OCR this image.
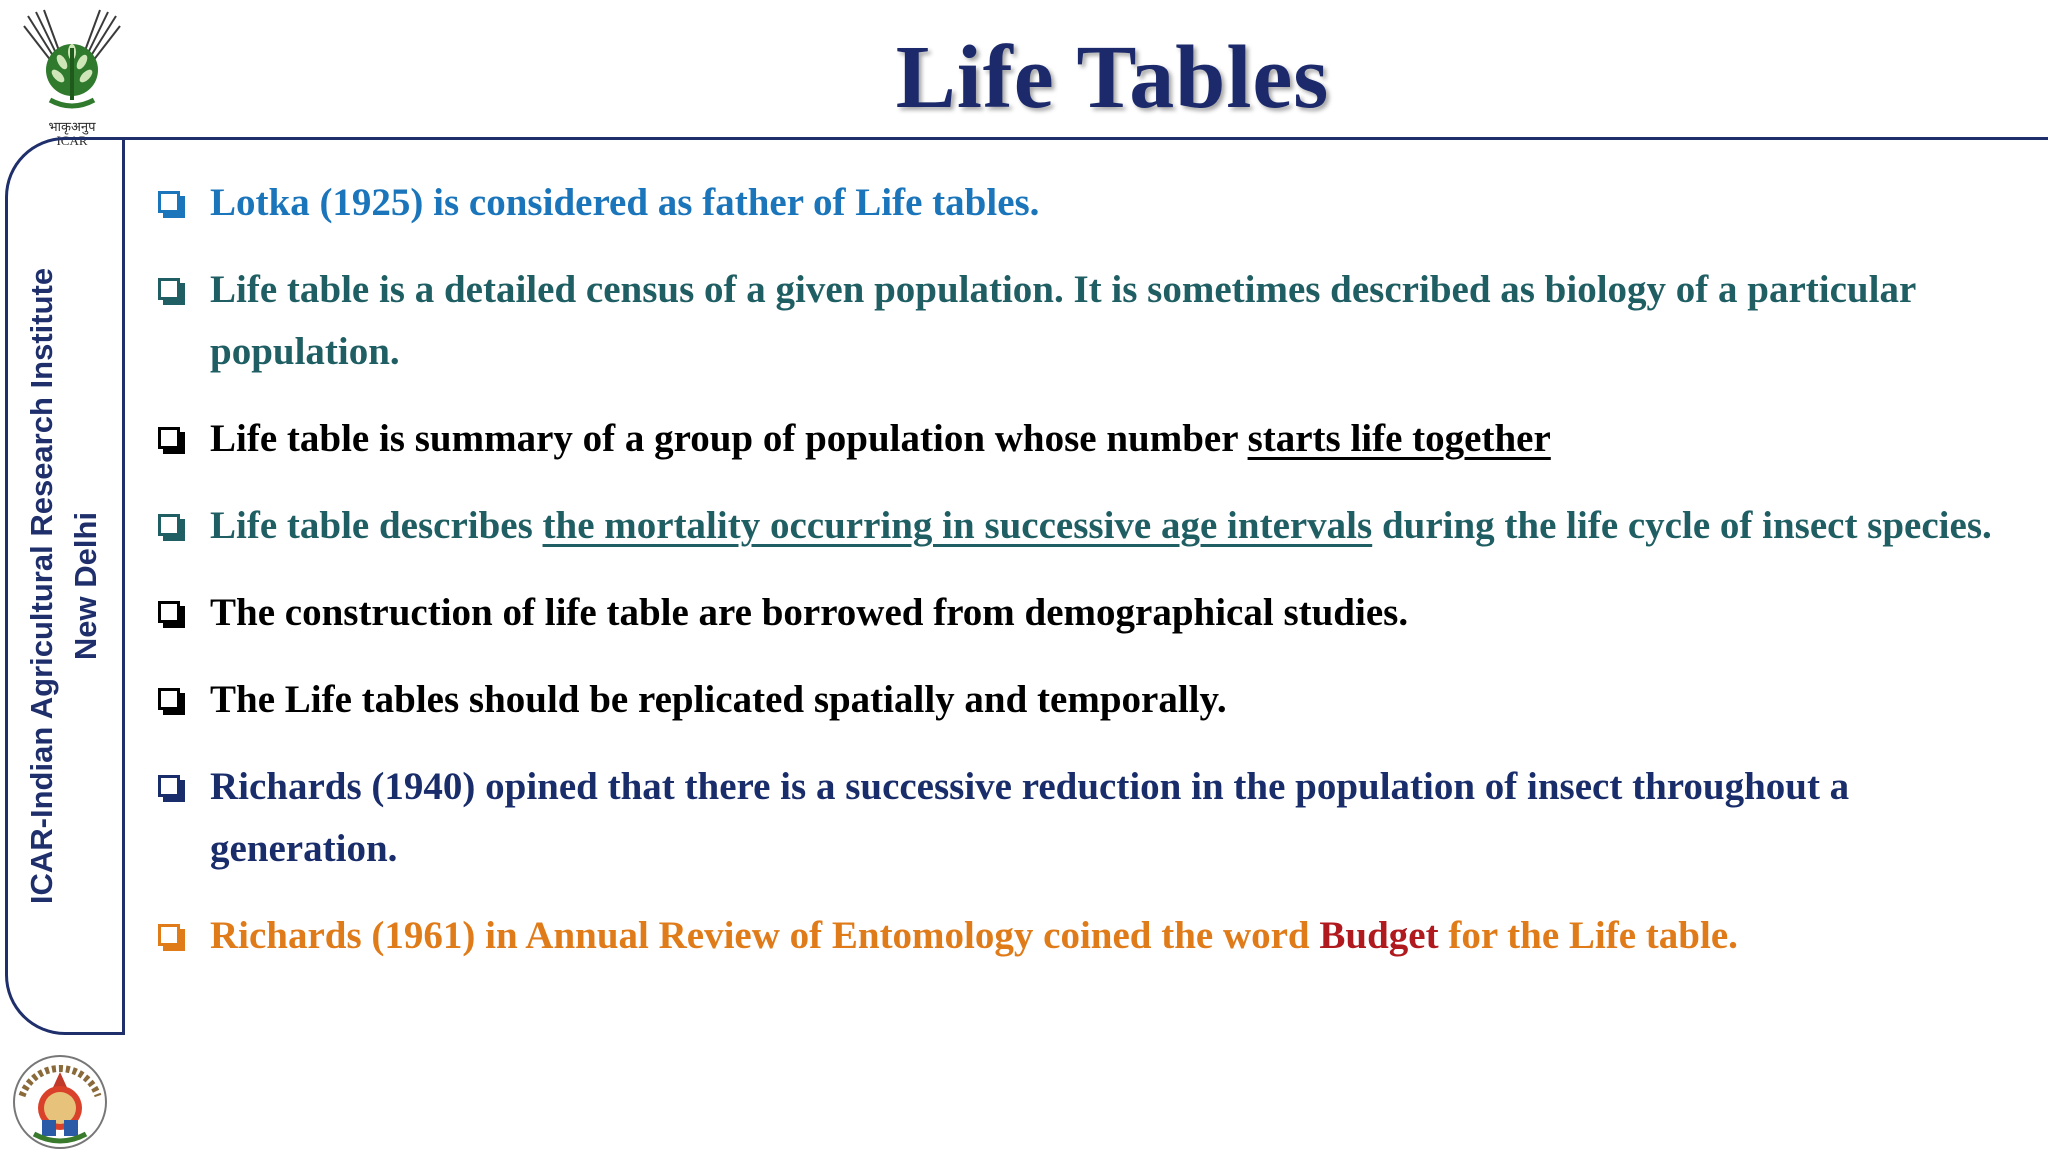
भाकृअनुप
ICAR
Life Tables
ICAR-Indian Agricultural Research Institute New Delhi
Lotka (1925) is considered as father of Life tables.
Life table is a detailed census of a given population. It is sometimes described as biology of a particular population.
Life table is summary of a group of population whose number starts life together
Life table describes the mortality occurring in successive age intervals during the life cycle of insect species.
The construction of life table are borrowed from demographical studies.
The Life tables should be replicated spatially and temporally.
Richards (1940) opined that there is a successive reduction in the population of insect throughout a generation.
Richards (1961) in Annual Review of Entomology coined the word Budget for the Life table.
